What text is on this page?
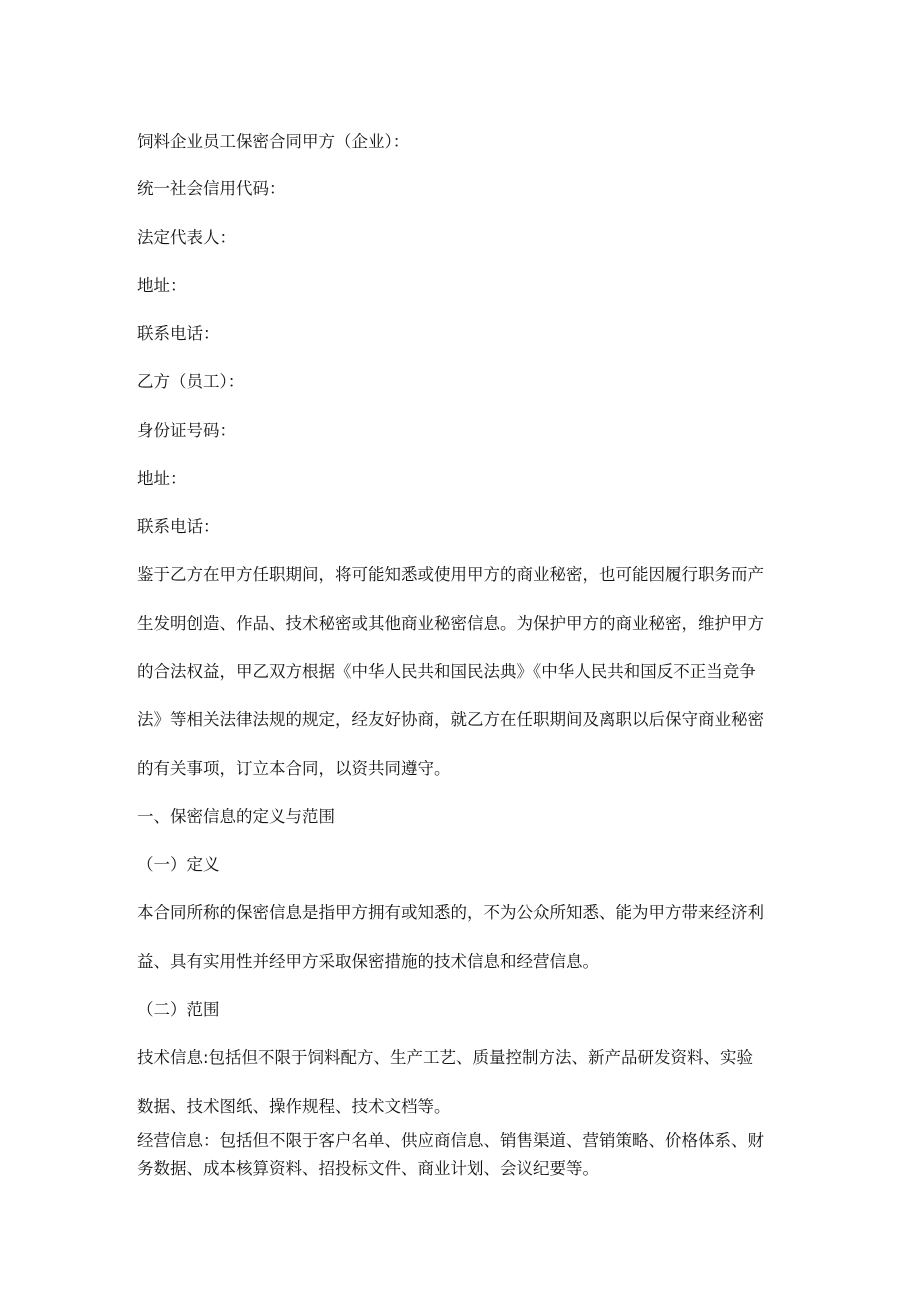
饲料企业员工保密合同甲方（企业）：
统一社会信用代码：
法定代表人：
地址：
联系电话：
乙方（员工）：
身份证号码：
地址：
联系电话：
鉴于乙方在甲方任职期间，将可能知悉或使用甲方的商业秘密，也可能因履行职务而产
生发明创造、作品、技术秘密或其他商业秘密信息。为保护甲方的商业秘密，维护甲方
的合法权益，甲乙双方根据《中华人民共和国民法典》《中华人民共和国反不正当竞争
法》等相关法律法规的规定，经友好协商，就乙方在任职期间及离职以后保守商业秘密
的有关事项，订立本合同，以资共同遵守。
一、保密信息的定义与范围
（一）定义
本合同所称的保密信息是指甲方拥有或知悉的，不为公众所知悉、能为甲方带来经济利
益、具有实用性并经甲方采取保密措施的技术信息和经营信息。
（二）范围
技术信息:包括但不限于饲料配方、生产工艺、质量控制方法、新产品研发资料、实验
数据、技术图纸、操作规程、技术文档等。
经营信息：包括但不限于客户名单、供应商信息、销售渠道、营销策略、价格体系、财
务数据、成本核算资料、招投标文件、商业计划、会议纪要等。
